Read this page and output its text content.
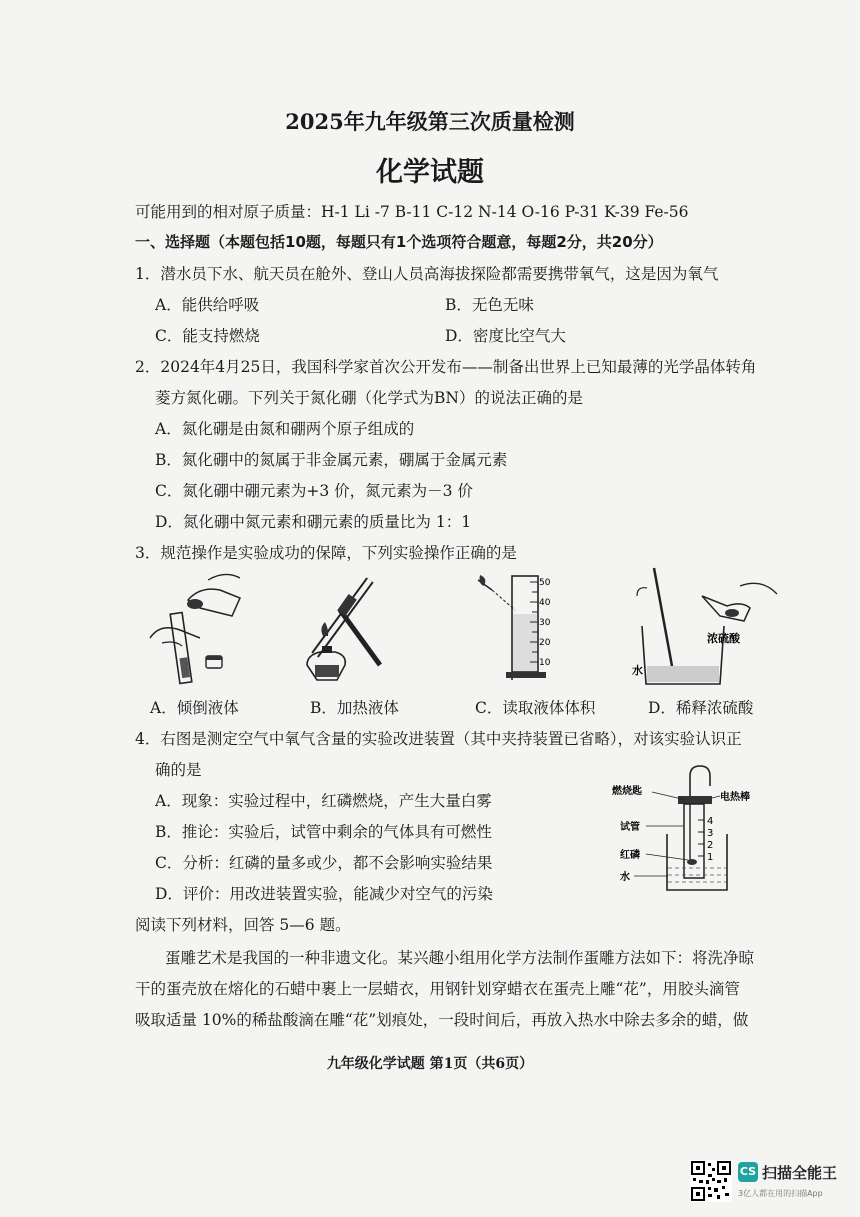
2025年九年级第三次质量检测
化学试题
可能用到的相对原子质量：H-1 Li -7 B-11 C-12 N-14 O-16 P-31 K-39 Fe-56
一、选择题（本题包括10题，每题只有1个选项符合题意，每题2分，共20分）
1．潜水员下水、航天员在舱外、登山人员高海拔探险都需要携带氧气，这是因为氧气
A．能供给呼吸	B．无色无味
C．能支持燃烧	D．密度比空气大
2．2024年4月25日，我国科学家首次公开发布——制备出世界上已知最薄的光学晶体转角
菱方氮化硼。下列关于氮化硼（化学式为BN）的说法正确的是
A．氮化硼是由氮和硼两个原子组成的
B．氮化硼中的氮属于非金属元素，硼属于金属元素
C．氮化硼中硼元素为+3 价，氮元素为－3 价
D．氮化硼中氮元素和硼元素的质量比为 1：1
3．规范操作是实验成功的保障，下列实验操作正确的是
50
40
30
20
10
浓硫酸
水
A．倾倒液体	B．加热液体	C．读取液体体积	D．稀释浓硫酸
4．右图是测定空气中氧气含量的实验改进装置（其中夹持装置已省略），对该实验认识正
确的是
A．现象：实验过程中，红磷燃烧，产生大量白雾
B．推论：实验后，试管中剩余的气体具有可燃性
C．分析：红磷的量多或少，都不会影响实验结果
D．评价：用改进装置实验，能减少对空气的污染
4
3
2
1
燃烧匙
电热棒
试管
红磷
水
阅读下列材料，回答 5—6 题。
蛋雕艺术是我国的一种非遗文化。某兴趣小组用化学方法制作蛋雕方法如下：将洗净晾
干的蛋壳放在熔化的石蜡中裹上一层蜡衣，用钢针划穿蜡衣在蛋壳上雕“花”，用胶头滴管
吸取适量 10%的稀盐酸滴在雕“花”划痕处，一段时间后，再放入热水中除去多余的蜡，做
九年级化学试题 第1页（共6页）
CS 扫描全能王
3亿人都在用的扫描App
